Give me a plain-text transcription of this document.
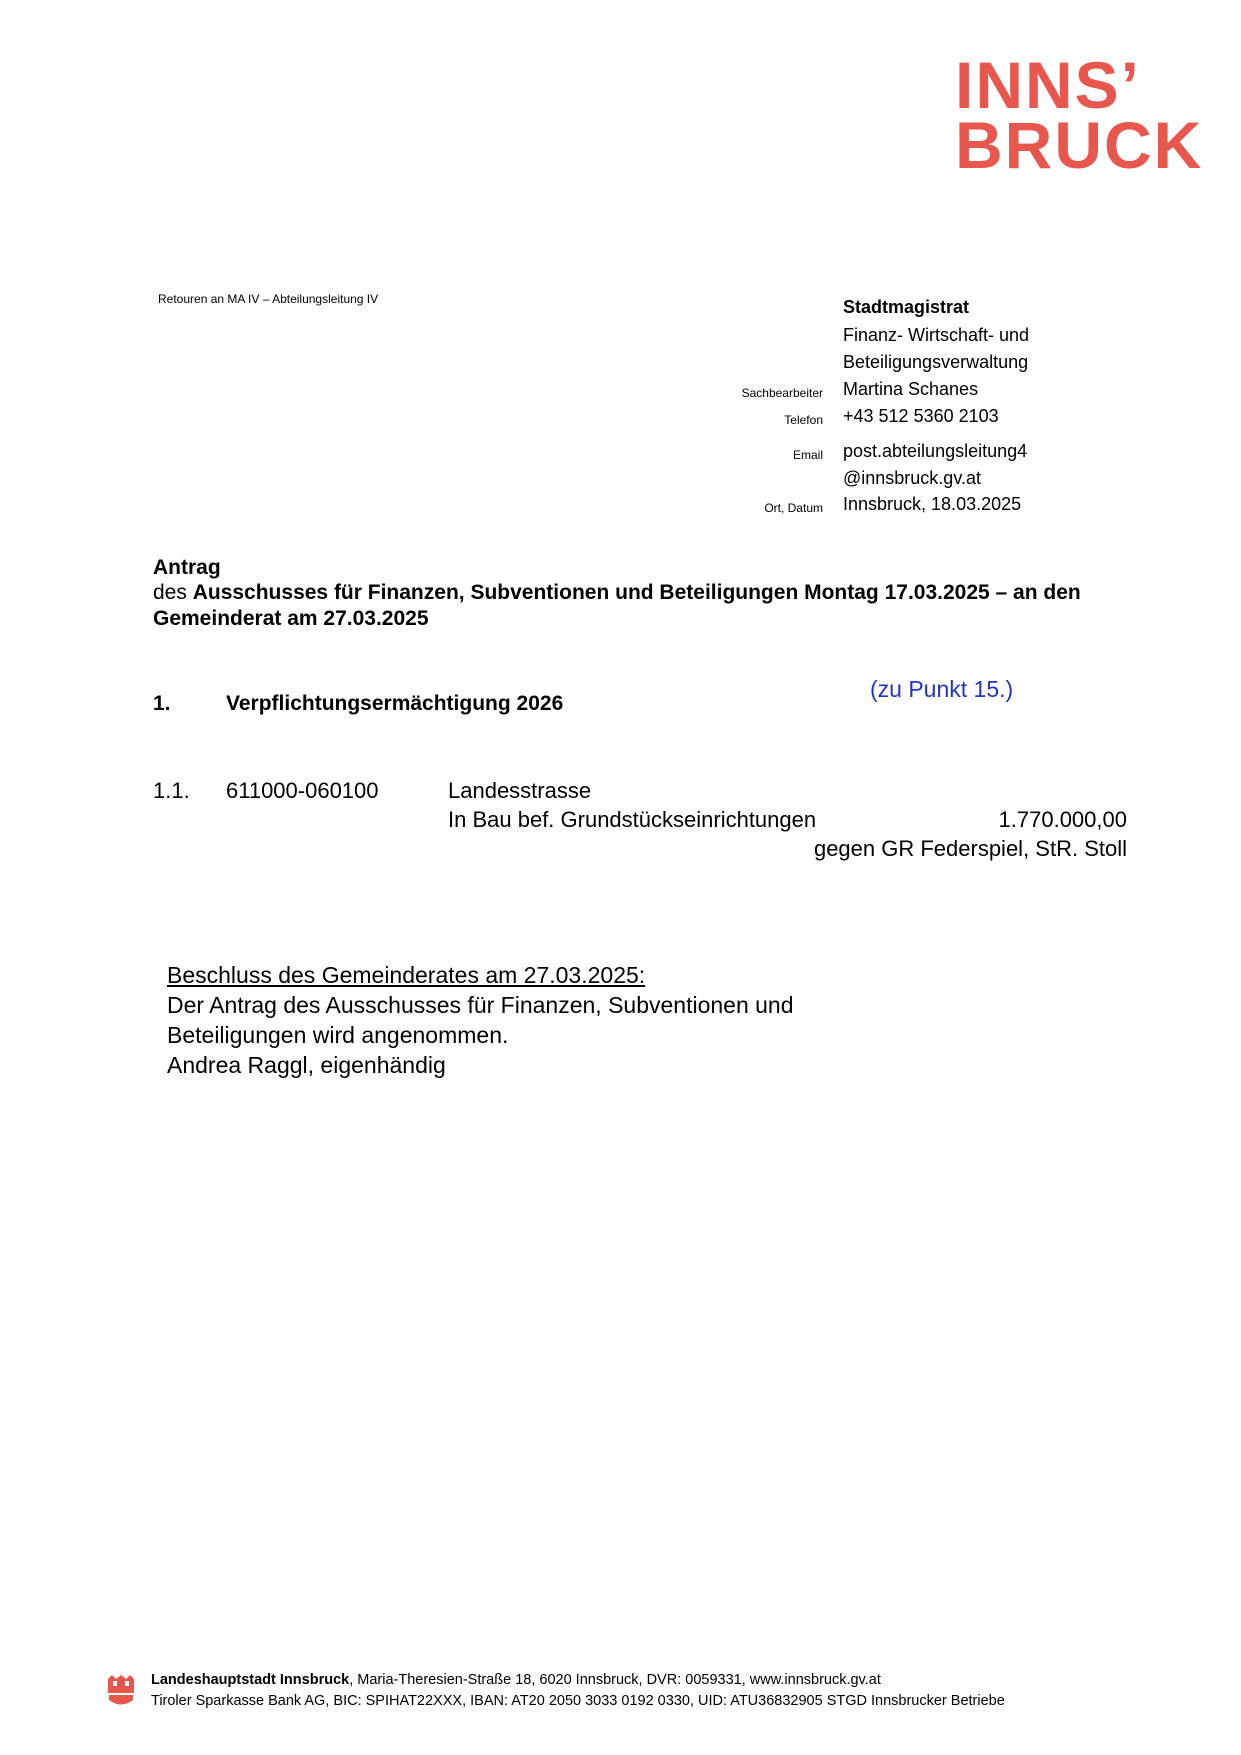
INNS’
BRUCK
Retouren an MA IV – Abteilungsleitung IV	Stadtmagistrat
Finanz- Wirtschaft- und
Beteiligungsverwaltung
Sachbearbeiter Martina Schanes
Telefon +43 512 5360 2103
Email post.abteilungsleitung4
@innsbruck.gv.at
Ort, Datum Innsbruck, 18.03.2025
Antrag
des Ausschusses für Finanzen, Subventionen und Beteiligungen Montag 17.03.2025 – an den Gemeinderat am 27.03.2025
1.	Verpflichtungsermächtigung 2026
(zu Punkt 15.)
1.1. 611000-060100	Landesstrasse
In Bau bef. Grundstückseinrichtungen	1.770.000,00
gegen GR Federspiel, StR. Stoll
Beschluss des Gemeinderates am 27.03.2025:
Der Antrag des Ausschusses für Finanzen, Subventionen und
Beteiligungen wird angenommen.
Andrea Raggl, eigenhändig
Landeshauptstadt Innsbruck, Maria-Theresien-Straße 18, 6020 Innsbruck, DVR: 0059331, www.innsbruck.gv.at
Tiroler Sparkasse Bank AG, BIC: SPIHAT22XXX, IBAN: AT20 2050 3033 0192 0330, UID: ATU36832905 STGD Innsbrucker Betriebe
